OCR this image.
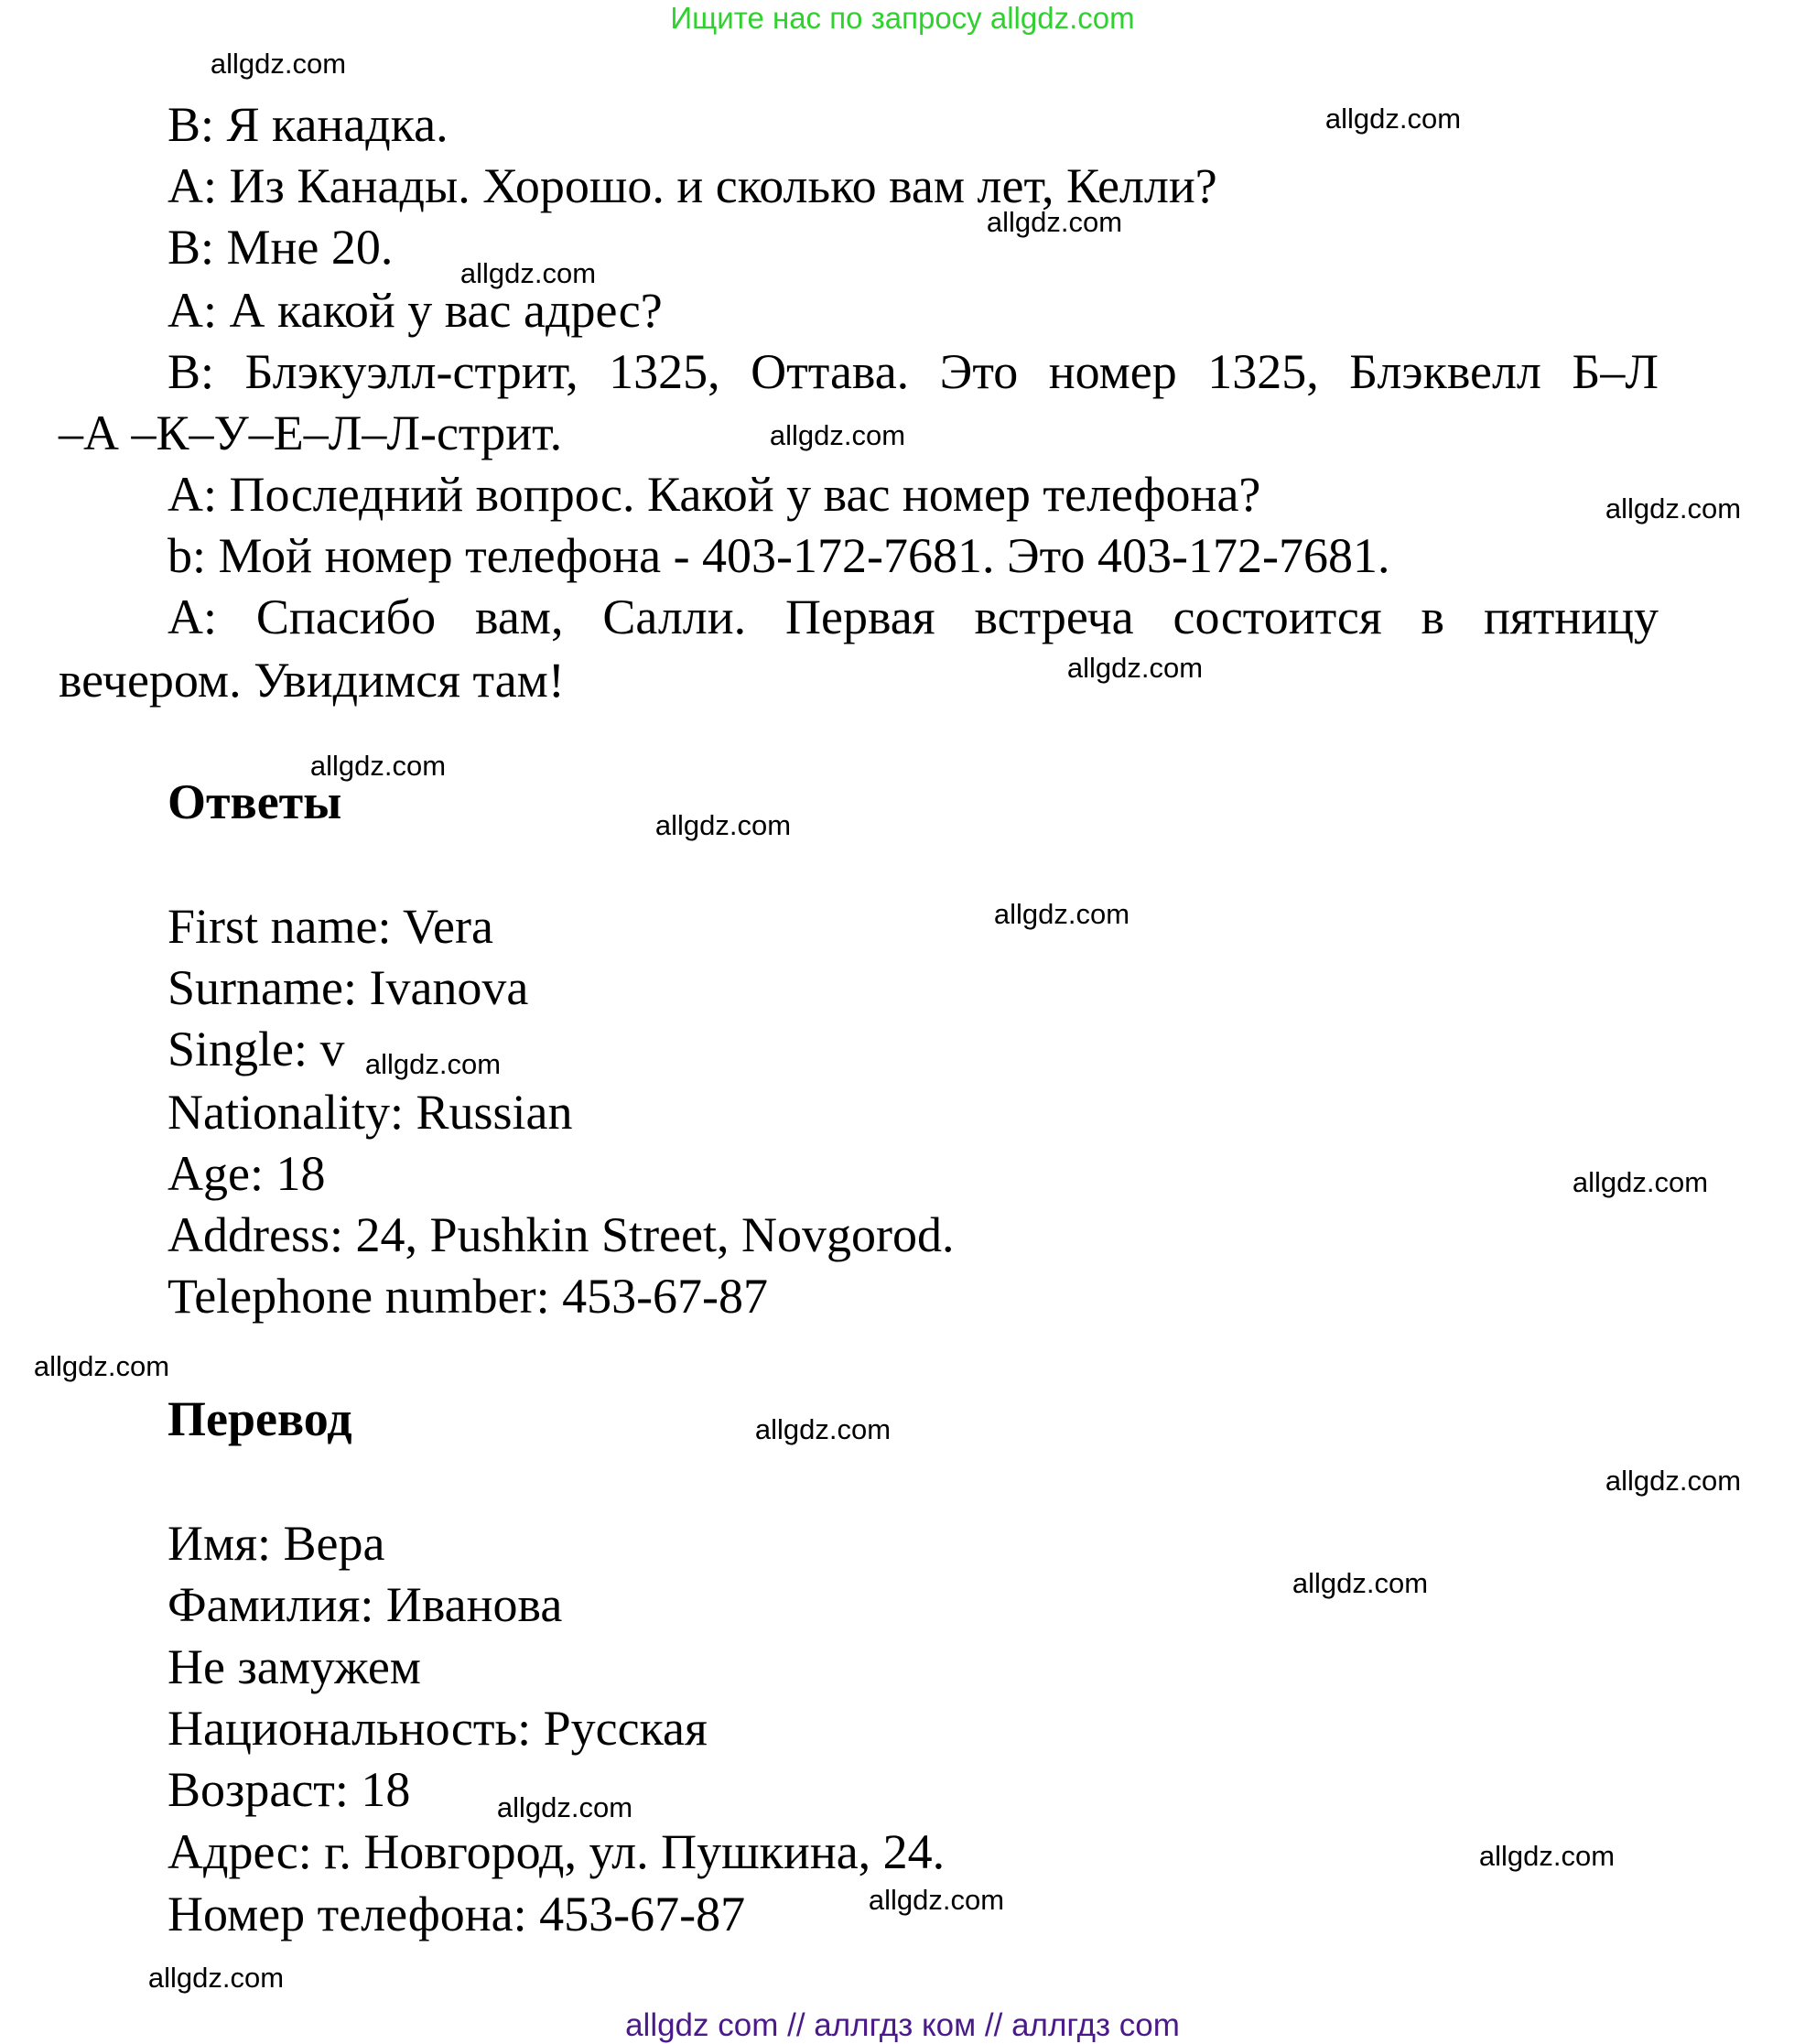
Ищите нас по запросу allgdz.com
B: Я канадка.
A: Из Канады. Хорошо. и сколько вам лет, Келли?
B: Мне 20.
A: А какой у вас адрес?
B: Блэкуэлл-стрит, 1325, Оттава. Это номер 1325, Блэквелл Б–Л
–А –К–У–Е–Л–Л-стрит.
A: Последний вопрос. Какой у вас номер телефона?
b: Мой номер телефона - 403-172-7681. Это 403-172-7681.
A: Спасибо вам, Салли. Первая встреча состоится в пятницу
вечером. Увидимся там!
Ответы
First name: Vera
Surname: Ivanova
Single: v
Nationality: Russian
Age: 18
Address: 24, Pushkin Street, Novgorod.
Telephone number: 453-67-87
Перевод
Имя: Вера
Фамилия: Иванова
Не замужем
Национальность: Русская
Возраст: 18
Адрес: г. Новгород, ул. Пушкина, 24.
Номер телефона: 453-67-87
allgdz.com
allgdz.com
allgdz.com
allgdz.com
allgdz.com
allgdz.com
allgdz.com
allgdz.com
allgdz.com
allgdz.com
allgdz.com
allgdz.com
allgdz.com
allgdz.com
allgdz.com
allgdz.com
allgdz.com
allgdz.com
allgdz.com
allgdz.com
allgdz com // аллгдз ком // аллгдз com
